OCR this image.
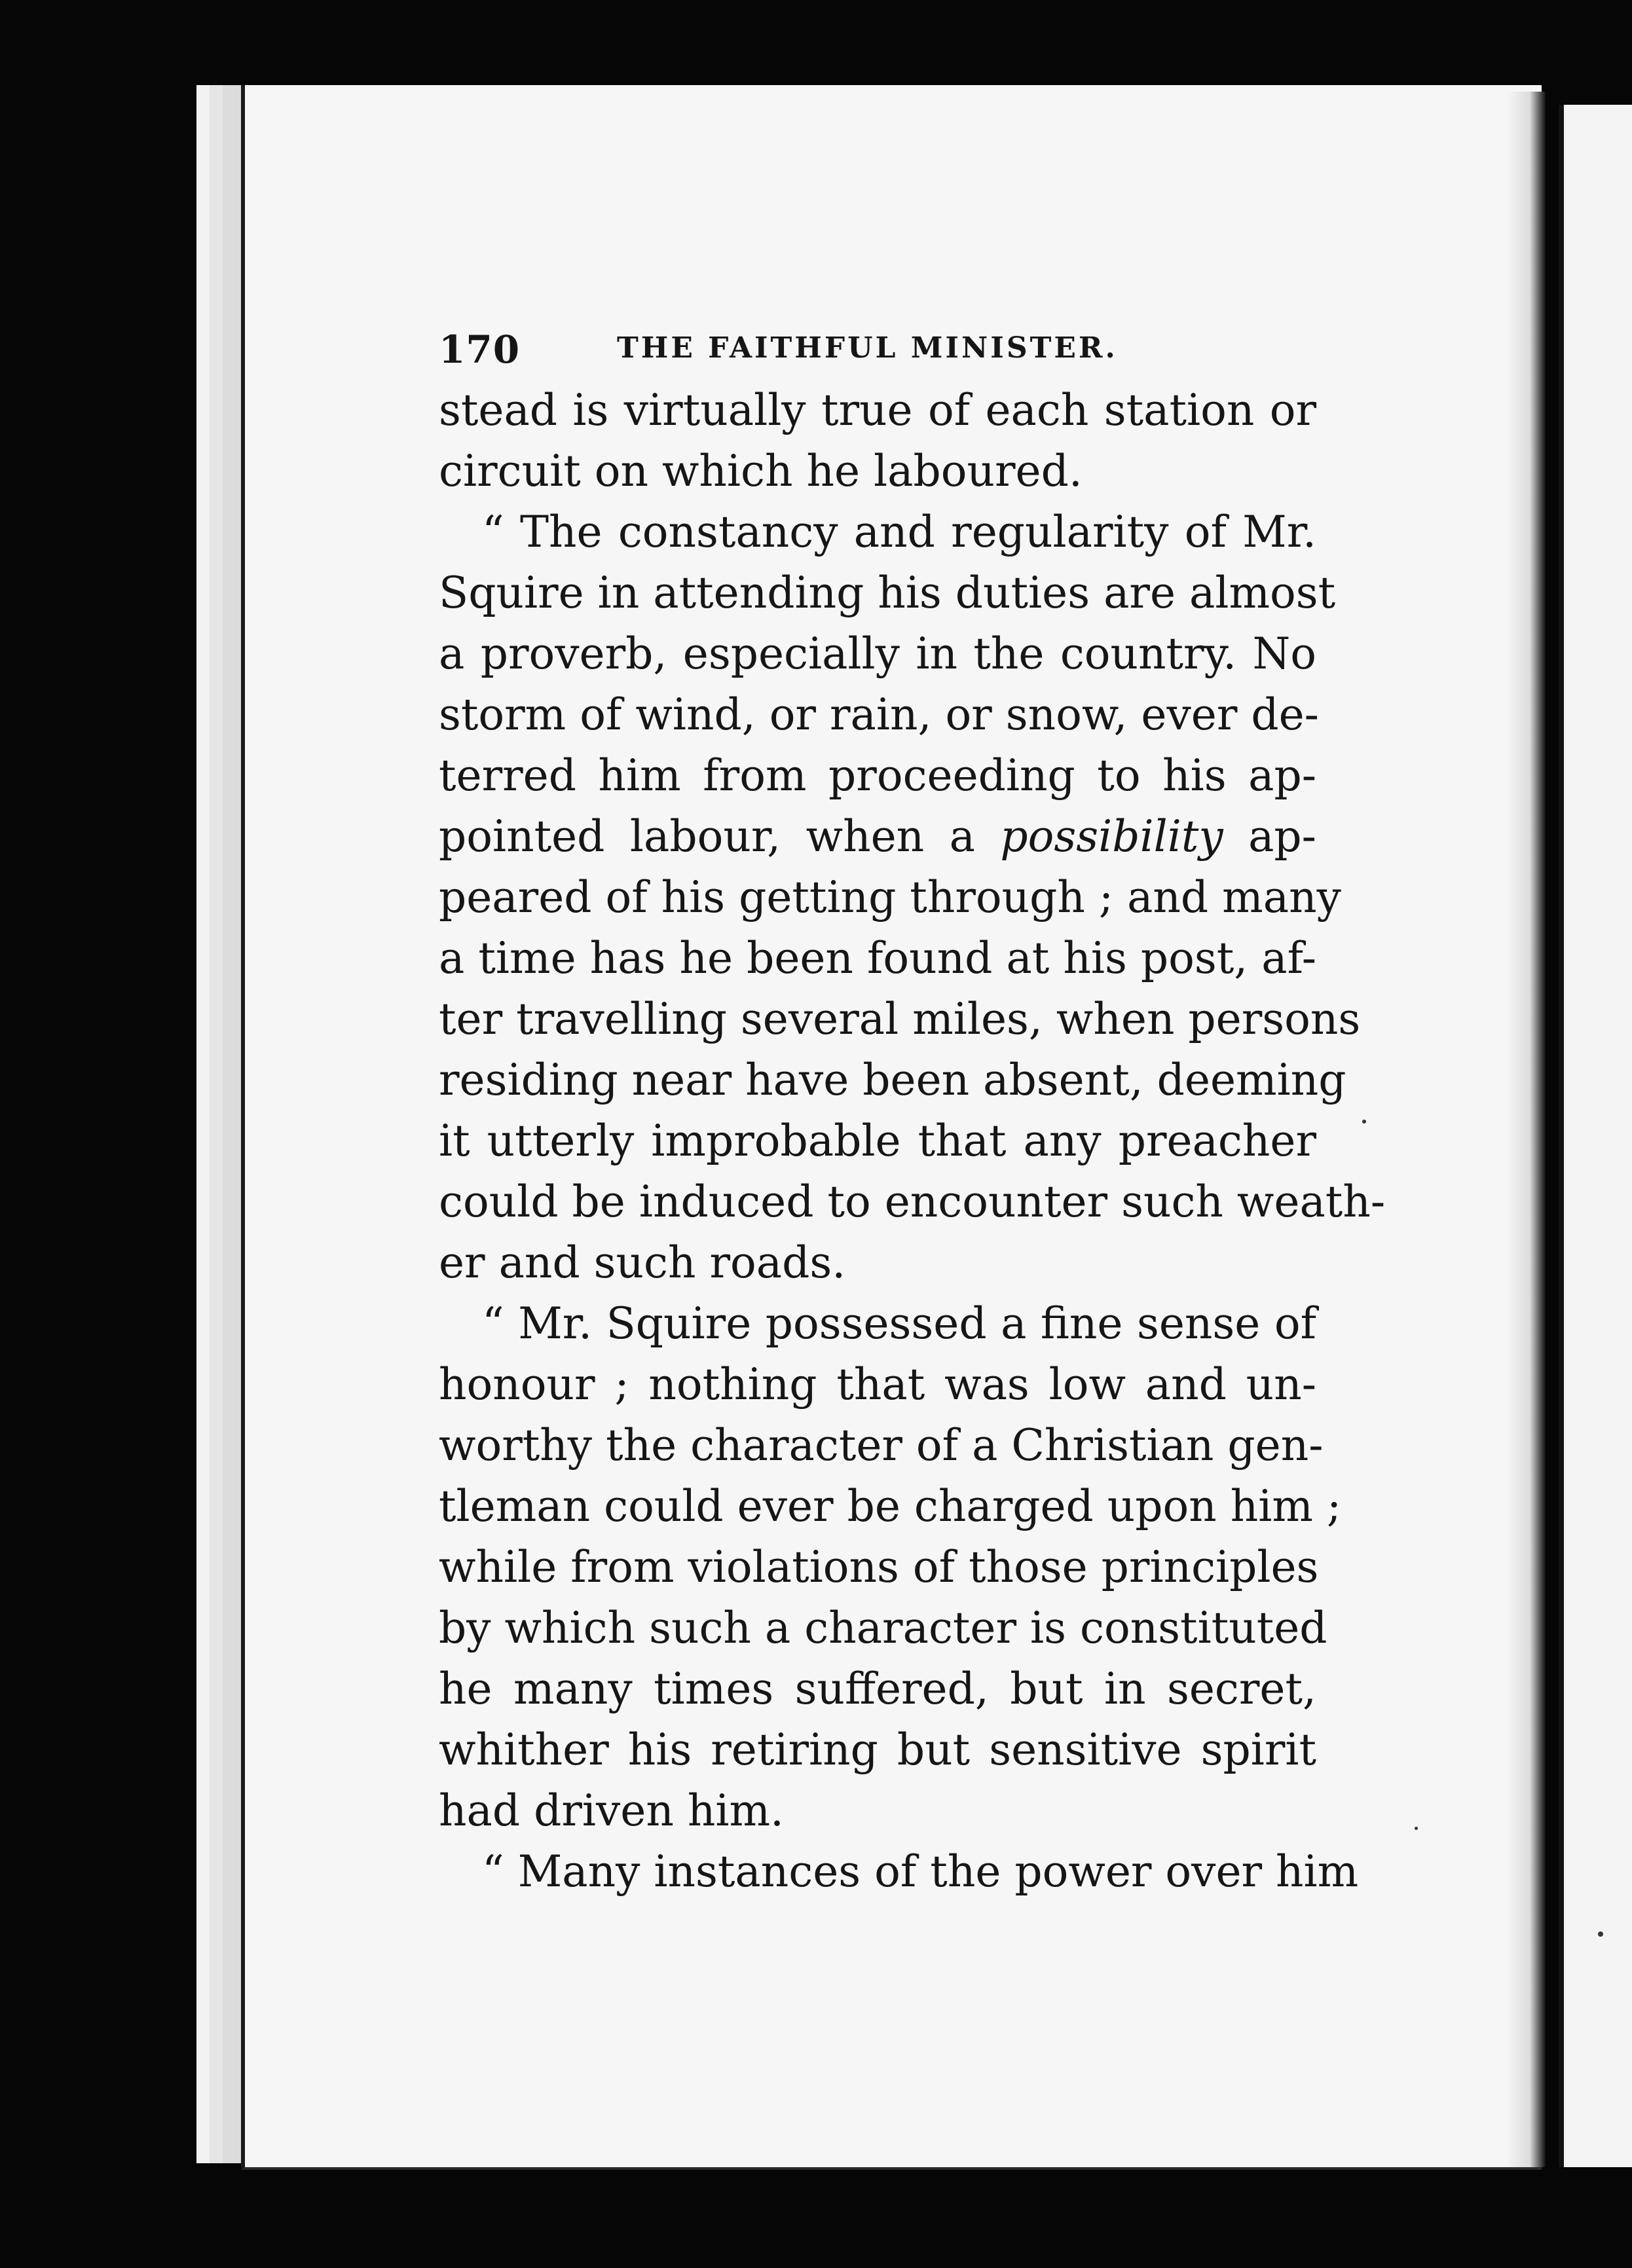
170	THE FAITHFUL MINISTER.
stead is virtually true of each station or
circuit on which he laboured.
“ The constancy and regularity of Mr.
Squire in attending his duties are almost
a proverb, especially in the country. No
storm of wind, or rain, or snow, ever de-
terred him from proceeding to his ap-
pointed labour, when a possibility ap-
peared of his getting through ; and many
a time has he been found at his post, af-
ter travelling several miles, when persons
residing near have been absent, deeming
it utterly improbable that any preacher
could be induced to encounter such weath-
er and such roads.
“ Mr. Squire possessed a fine sense of
honour ; nothing that was low and un-
worthy the character of a Christian gen-
tleman could ever be charged upon him ;
while from violations of those principles
by which such a character is constituted
he many times suffered, but in secret,
whither his retiring but sensitive spirit
had driven him.
“ Many instances of the power over him
